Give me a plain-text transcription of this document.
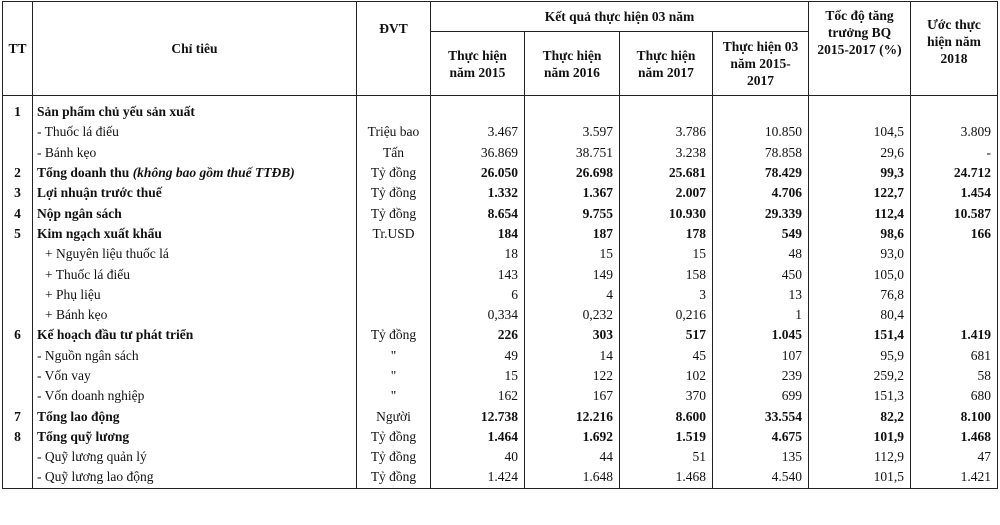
TT	Chỉ tiêu	ĐVT	Kết quả thực hiện 03 năm				Tốc độ tăng trưởng BQ 2015-2017 (%)	Ước thực hiện năm 2018
			Thực hiện năm 2015	Thực hiện năm 2016	Thực hiện năm 2017	Thực hiện 03 năm 2015-2017		

1	Sản phẩm chủ yếu sản xuất							
	- Thuốc lá điếu	Triệu bao	3.467	3.597	3.786	10.850	104,5	3.809
	- Bánh kẹo	Tấn	36.869	38.751	3.238	78.858	29,6	-
2	Tổng doanh thu (không bao gồm thuế TTĐB)	Tỷ đồng	26.050	26.698	25.681	78.429	99,3	24.712
3	Lợi nhuận trước thuế	Tỷ đồng	1.332	1.367	2.007	4.706	122,7	1.454
4	Nộp ngân sách	Tỷ đồng	8.654	9.755	10.930	29.339	112,4	10.587
5	Kim ngạch xuất khẩu	Tr.USD	184	187	178	549	98,6	166
	+ Nguyên liệu thuốc lá		18	15	15	48	93,0	
	+ Thuốc lá điếu		143	149	158	450	105,0	
	+ Phụ liệu		6	4	3	13	76,8	
	+ Bánh kẹo		0,334	0,232	0,216	1	80,4	
6	Kế hoạch đầu tư phát triển	Tỷ đồng	226	303	517	1.045	151,4	1.419
	- Nguồn ngân sách	"	49	14	45	107	95,9	681
	- Vốn vay	"	15	122	102	239	259,2	58
	- Vốn doanh nghiệp	"	162	167	370	699	151,3	680
7	Tổng lao động	Người	12.738	12.216	8.600	33.554	82,2	8.100
8	Tổng quỹ lương	Tỷ đồng	1.464	1.692	1.519	4.675	101,9	1.468
	- Quỹ lương quản lý	Tỷ đồng	40	44	51	135	112,9	47
	- Quỹ lương lao động	Tỷ đồng	1.424	1.648	1.468	4.540	101,5	1.421
